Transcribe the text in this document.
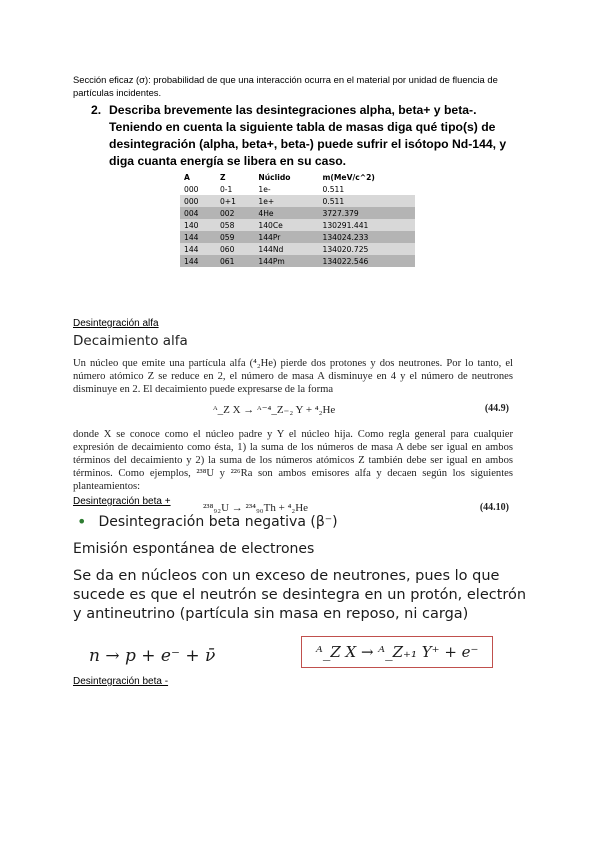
Sección eficaz (σ): probabilidad de que una interacción ocurra en el material por unidad de fluencia de partículas incidentes.
2. Describa brevemente las desintegraciones alpha, beta+ y beta-. Teniendo en cuenta la siguiente tabla de masas diga qué tipo(s) de desintegración (alpha, beta+, beta-) puede sufrir el isótopo Nd-144, y diga cuanta energía se libera en su caso.
A	Z	Núclido	m(MeV/c^2)
000	0-1	1e-	0.511
000	0+1	1e+	0.511
004	002	4He	3727.379
140	058	140Ce	130291.441
144	059	144Pr	134024.233
144	060	144Nd	134020.725
144	061	144Pm	134022.546
Desintegración alfa
Decaimiento alfa
Un núcleo que emite una partícula alfa (⁴₂He) pierde dos protones y dos neutrones. Por lo tanto, el número atómico Z se reduce en 2, el número de masa A disminuye en 4 y el número de neutrones disminuye en 2. El decaimiento puede expresarse de la forma
ᴬ_Z X → ᴬ⁻⁴_Z₋₂ Y + ⁴₂He	(44.9)
donde X se conoce como el núcleo padre y Y el núcleo hija. Como regla general para cualquier expresión de decaimiento como ésta, 1) la suma de los números de masa A debe ser igual en ambos términos del decaimiento y 2) la suma de los números atómicos Z también debe ser igual en ambos términos. Como ejemplos, ²³⁸U y ²²⁶Ra son ambos emisores alfa y decaen según los siguientes planteamientos:
²³⁸₉₂U → ²³⁴₉₀Th + ⁴₂He	(44.10)
Desintegración beta +
• Desintegración beta negativa (β⁻)
Emisión espontánea de electrones
Se da en núcleos con un exceso de neutrones, pues lo que sucede es que el neutrón se desintegra en un protón, electrón y antineutrino (partícula sin masa en reposo, ni carga)
n → p + e⁻ + ν̄	ᴬ_Z X → ᴬ_Z₊₁ Y⁺ + e⁻
Desintegración beta -
